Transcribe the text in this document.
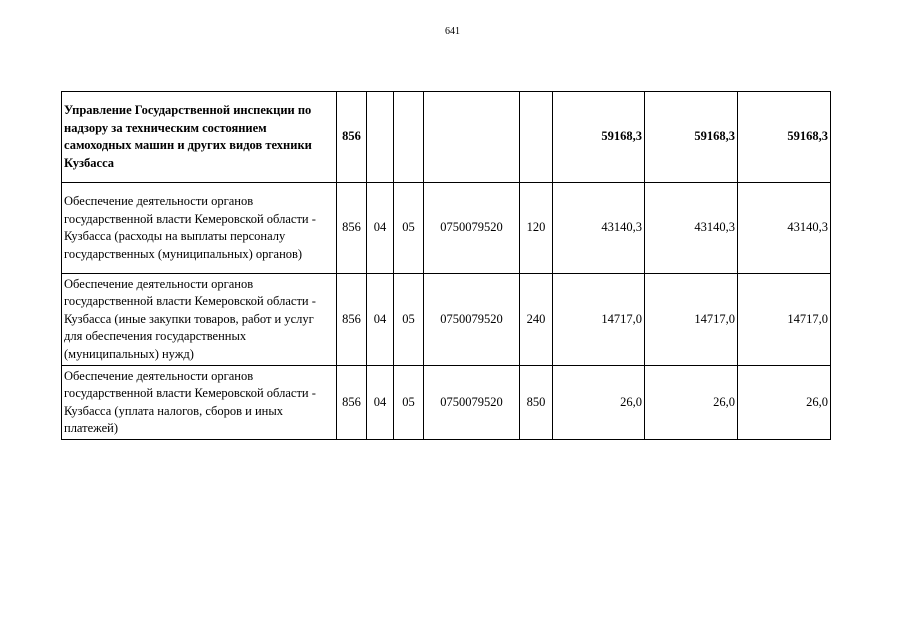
641
Управление Государственной инспекции по надзору за техническим состоянием самоходных машин и других видов техники Кузбасса	856					59168,3	59168,3	59168,3
Обеспечение деятельности органов государственной власти Кемеровской области - Кузбасса (расходы на выплаты персоналу государственных (муниципальных) органов)	856	04	05	0750079520	120	43140,3	43140,3	43140,3
Обеспечение деятельности органов государственной власти Кемеровской области - Кузбасса (иные закупки товаров, работ и услуг для обеспечения государственных (муниципальных) нужд)	856	04	05	0750079520	240	14717,0	14717,0	14717,0
Обеспечение деятельности органов государственной власти Кемеровской области - Кузбасса (уплата налогов, сборов и иных платежей)	856	04	05	0750079520	850	26,0	26,0	26,0
